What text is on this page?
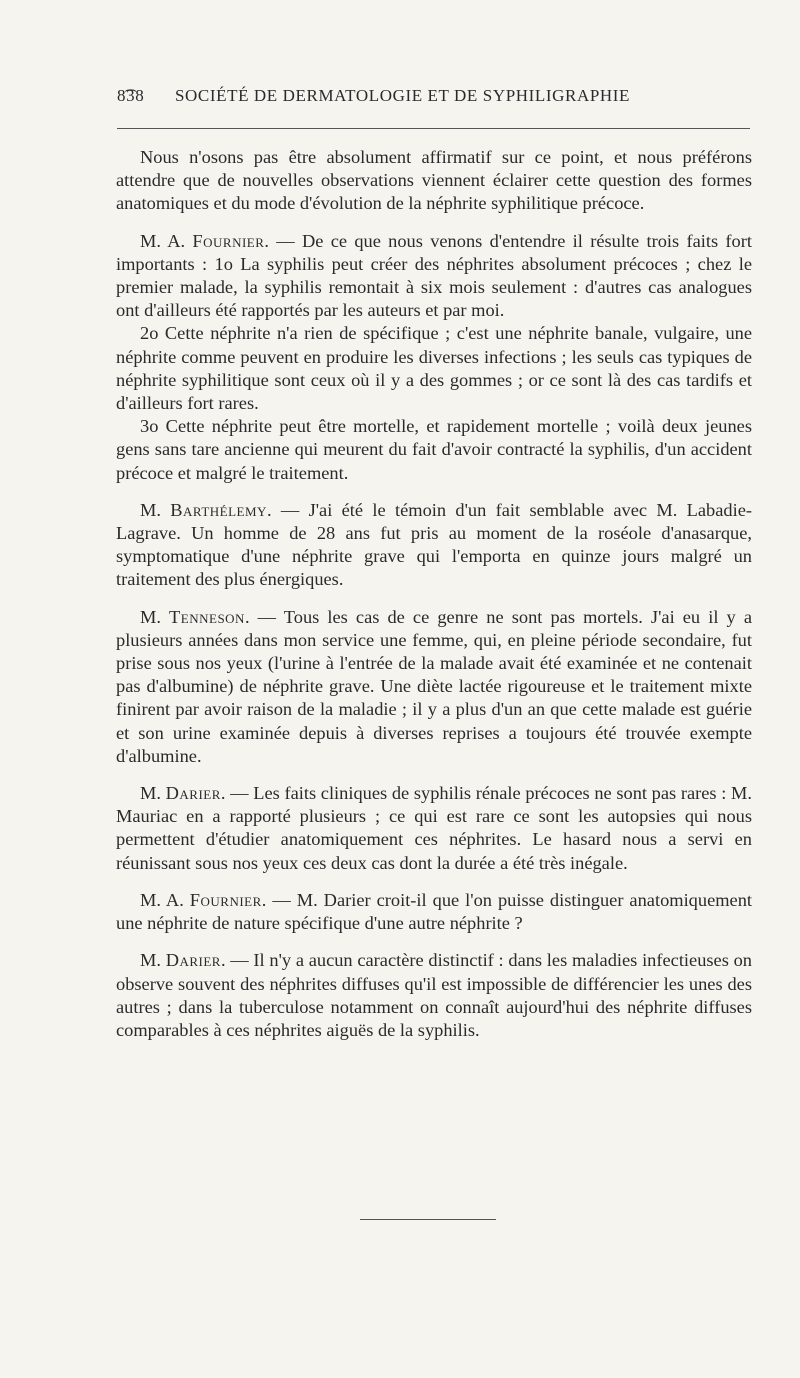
8͡38 SOCIÉTÉ DE DERMATOLOGIE ET DE SYPHILIGRAPHIE

Nous n'osons pas être absolument affirmatif sur ce point, et nous préférons attendre que de nouvelles observations viennent éclairer cette question des formes anatomiques et du mode d'évolution de la néphrite syphilitique précoce.

M. A. Fournier. — De ce que nous venons d'entendre il résulte trois faits fort importants : 1o La syphilis peut créer des néphrites absolument précoces ; chez le premier malade, la syphilis remontait à six mois seulement : d'autres cas analogues ont d'ailleurs été rapportés par les auteurs et par moi.

2o Cette néphrite n'a rien de spécifique ; c'est une néphrite banale, vulgaire, une néphrite comme peuvent en produire les diverses infections ; les seuls cas typiques de néphrite syphilitique sont ceux où il y a des gommes ; or ce sont là des cas tardifs et d'ailleurs fort rares.

3o Cette néphrite peut être mortelle, et rapidement mortelle ; voilà deux jeunes gens sans tare ancienne qui meurent du fait d'avoir contracté la syphilis, d'un accident précoce et malgré le traitement.

M. Barthélemy. — J'ai été le témoin d'un fait semblable avec M. Labadie-Lagrave. Un homme de 28 ans fut pris au moment de la roséole d'anasarque, symptomatique d'une néphrite grave qui l'emporta en quinze jours malgré un traitement des plus énergiques.

M. Tenneson. — Tous les cas de ce genre ne sont pas mortels. J'ai eu il y a plusieurs années dans mon service une femme, qui, en pleine période secondaire, fut prise sous nos yeux (l'urine à l'entrée de la malade avait été examinée et ne contenait pas d'albumine) de néphrite grave. Une diète lactée rigoureuse et le traitement mixte finirent par avoir raison de la maladie ; il y a plus d'un an que cette malade est guérie et son urine examinée depuis à diverses reprises a toujours été trouvée exempte d'albumine.

M. Darier. — Les faits cliniques de syphilis rénale précoces ne sont pas rares : M. Mauriac en a rapporté plusieurs ; ce qui est rare ce sont les autopsies qui nous permettent d'étudier anatomiquement ces néphrites. Le hasard nous a servi en réunissant sous nos yeux ces deux cas dont la durée a été très inégale.

M. A. Fournier. — M. Darier croit-il que l'on puisse distinguer anatomiquement une néphrite de nature spécifique d'une autre néphrite ?

M. Darier. — Il n'y a aucun caractère distinctif : dans les maladies infectieuses on observe souvent des néphrites diffuses qu'il est impossible de différencier les unes des autres ; dans la tuberculose notamment on connaît aujourd'hui des néphrite diffuses comparables à ces néphrites aiguës de la syphilis.
